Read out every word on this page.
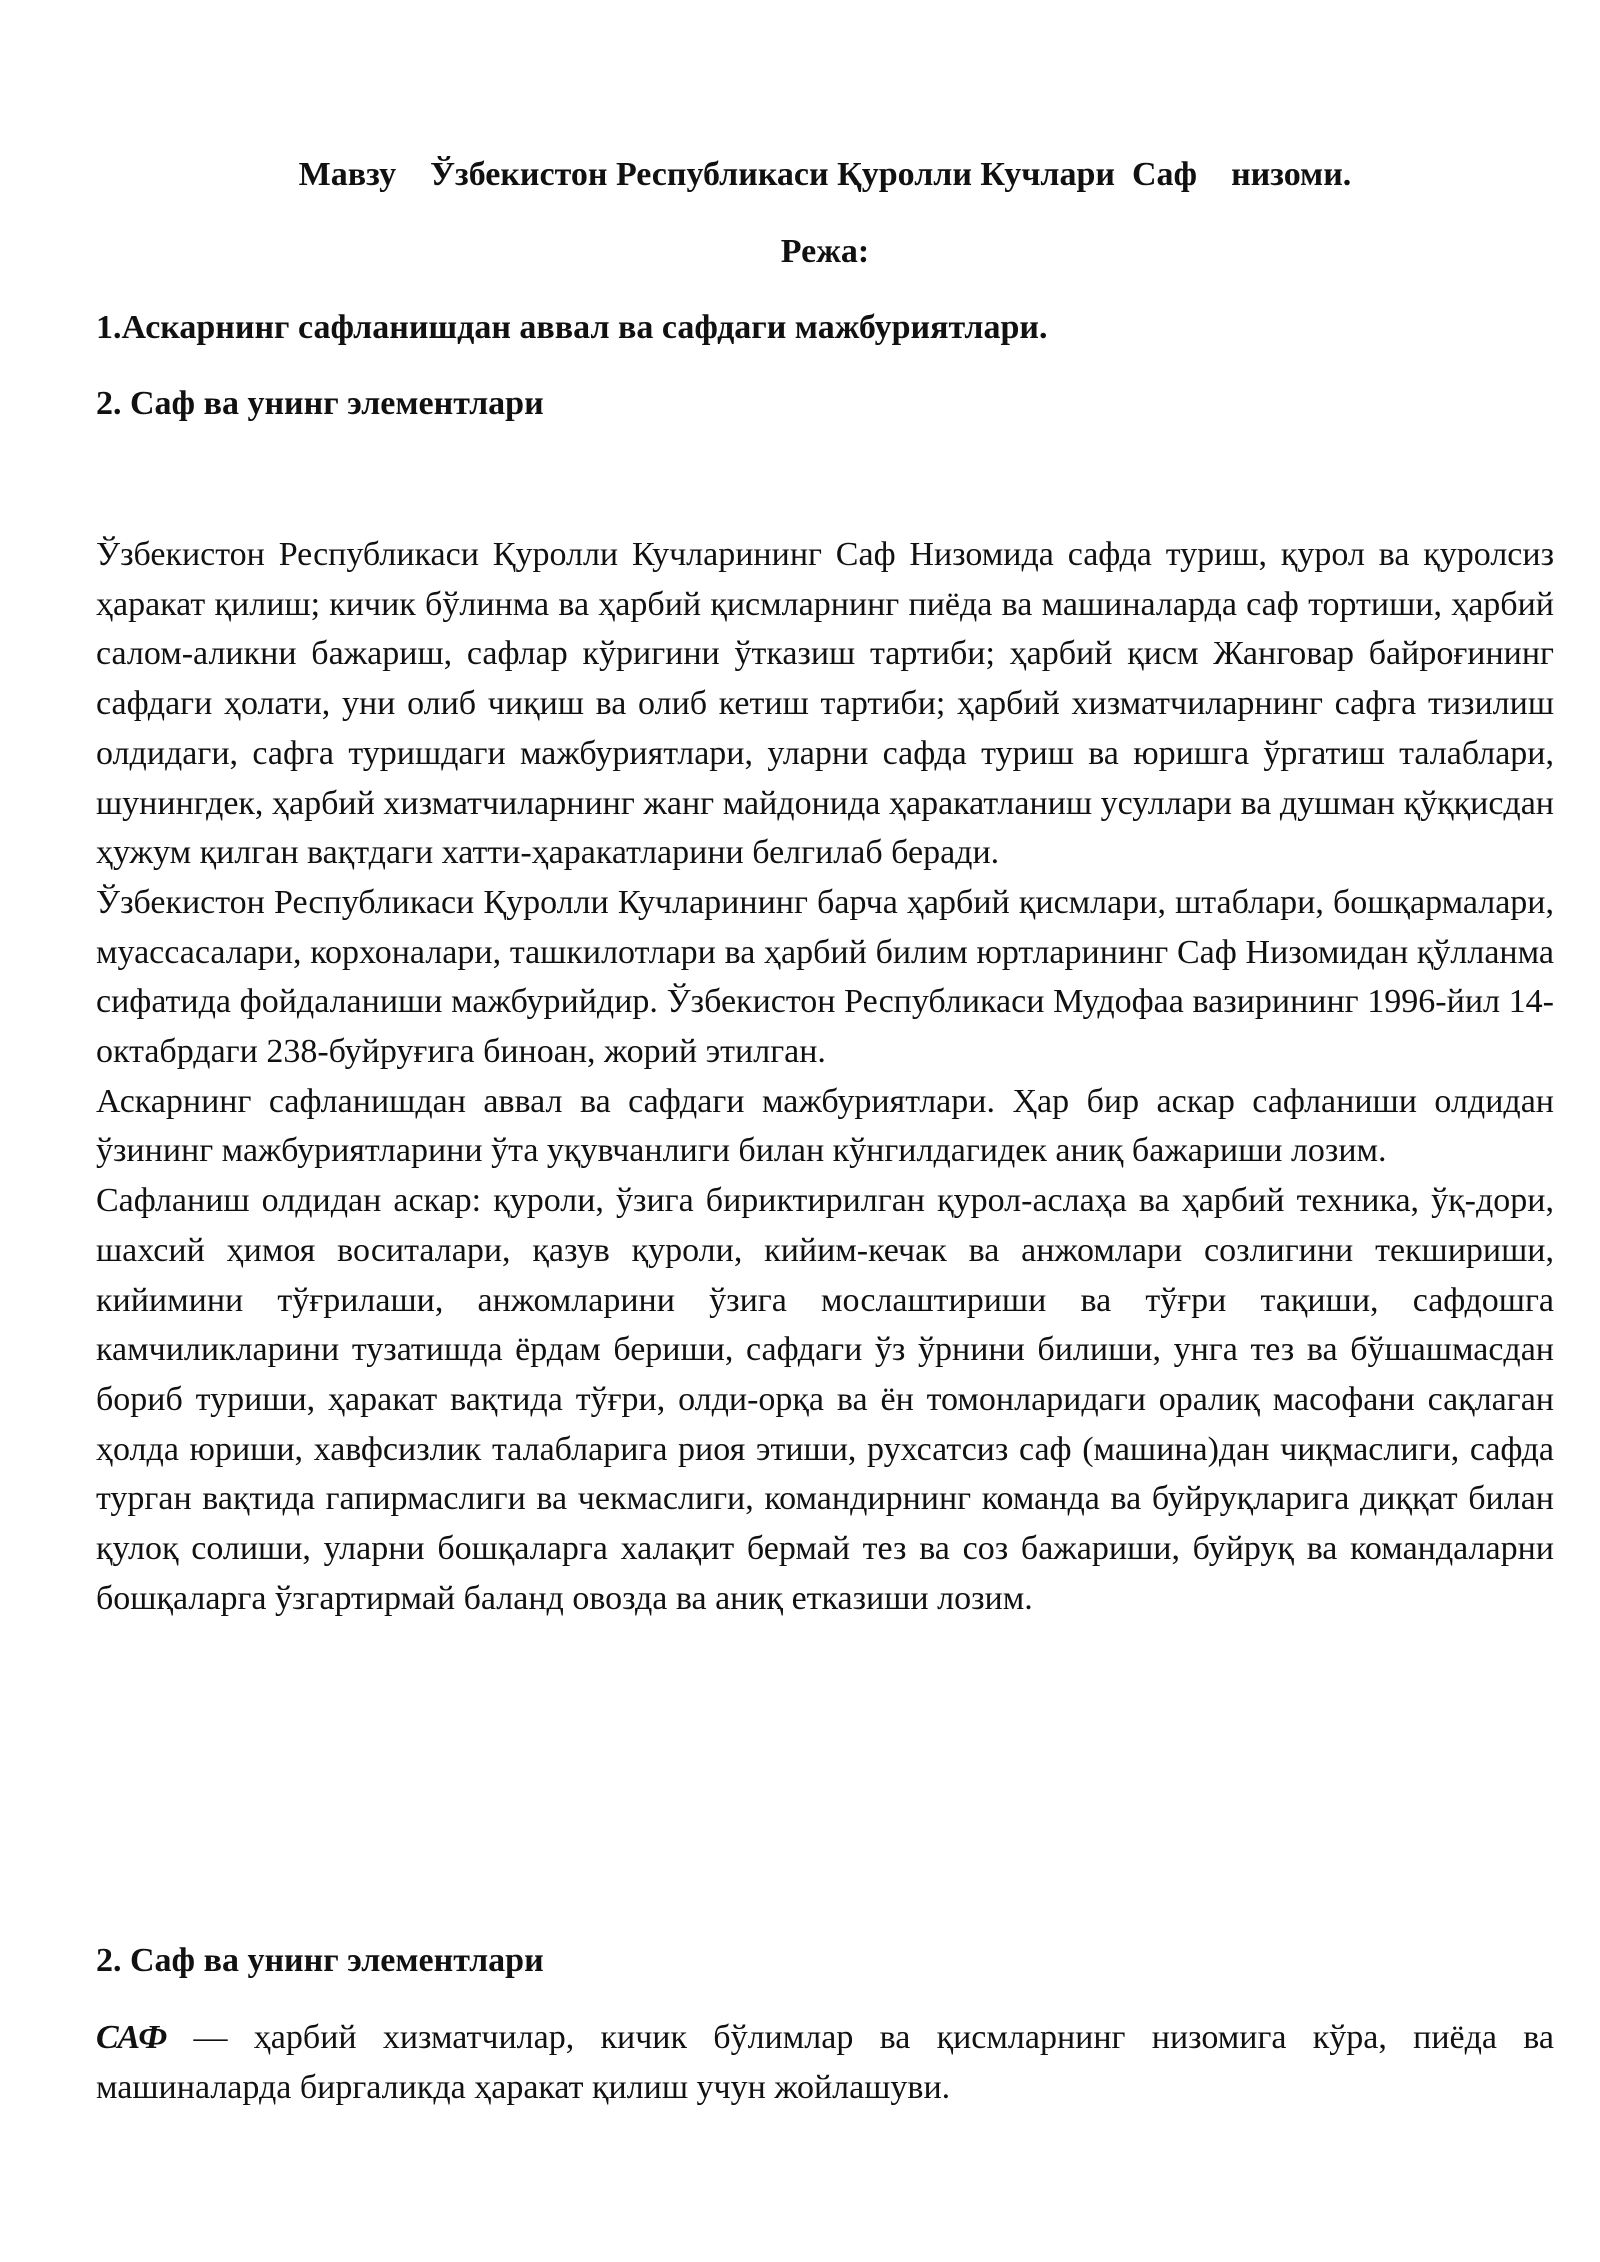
Мавзу    Ўзбекистон Республикаси Қуролли Кучлари  Саф    низоми.
Режа:
1.Аскарнинг сафланишдан аввал ва сафдаги мажбуриятлари.
2. Саф ва унинг элементлари

Ўзбекистон Республикаси Қуролли Кучларининг Саф Низомида сафда туриш, қурол ва қуролсиз ҳаракат қилиш; кичик бўлинма ва ҳарбий қисмларнинг пиёда ва машиналарда саф тортиши, ҳарбий салом-аликни бажариш, сафлар кўригини ўтказиш тартиби; ҳарбий қисм Жанговар байроғининг сафдаги ҳолати, уни олиб чиқиш ва олиб кетиш тартиби; ҳарбий хизматчиларнинг сафга тизилиш олдидаги, сафга туришдаги мажбуриятлари, уларни сафда туриш ва юришга ўргатиш талаблари, шунингдек, ҳарбий хизматчиларнинг жанг майдонида ҳаракатланиш усуллари ва душман қўққисдан ҳужум қилган вақтдаги хатти-ҳаракатларини белгилаб беради.

Ўзбекистон Республикаси Қуролли Кучларининг барча ҳарбий қисмлари, штаблари, бошқармалари, муассасалари, корхоналари, ташкилотлари ва ҳарбий билим юртларининг Саф Низомидан қўлланма сифатида фойдаланиши мажбурийдир. Ўзбекистон Республикаси Мудофаа вазирининг 1996-йил 14-октабрдаги 238-буйруғига биноан, жорий этилган.

Аскарнинг сафланишдан аввал ва сафдаги мажбуриятлари. Ҳар бир аскар сафланиши олдидан ўзининг мажбуриятларини ўта уқувчанлиги билан кўнгилдагидек аниқ бажариши лозим.

Сафланиш олдидан аскар: қуроли, ўзига бириктирилган қурол-аслаҳа ва ҳарбий техника, ўқ-дори, шахсий ҳимоя воситалари, қазув қуроли, кийим-кечак ва анжомлари созлигини текшириши, кийимини тўғрилаши, анжомларини ўзига мослаштириши ва тўғри тақиши, сафдошга камчиликларини тузатишда ёрдам бериши, сафдаги ўз ўрнини билиши, унга тез ва бўшашмасдан бориб туриши, ҳаракат вақтида тўғри, олди-орқа ва ён томонларидаги оралиқ масофани сақлаган ҳолда юриши, хавфсизлик талабларига риоя этиши, рухсатсиз саф (машина)дан чиқмаслиги, сафда турган вақтида гапирмаслиги ва чекмаслиги, командирнинг команда ва буйруқларига диққат билан қулоқ солиши, уларни бошқаларга халақит бермай тез ва соз бажариши, буйруқ ва командаларни бошқаларга ўзгартирмай баланд овозда ва аниқ етказиши лозим.

2. Саф ва унинг элементлари

САФ — ҳарбий хизматчилар, кичик бўлимлар ва қисмларнинг низомига кўра, пиёда ва машиналарда биргаликда ҳаракат қилиш учун жойлашуви.
